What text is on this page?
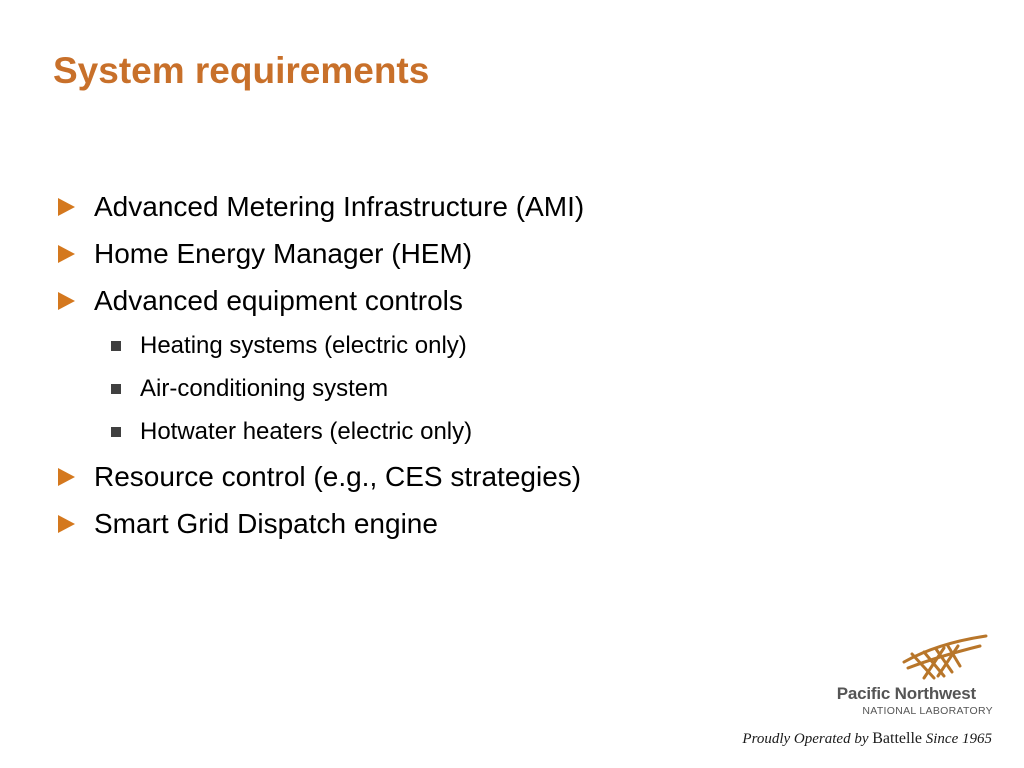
System requirements
Advanced Metering Infrastructure (AMI)
Home Energy Manager (HEM)
Advanced equipment controls
Heating systems (electric only)
Air-conditioning system
Hotwater heaters (electric only)
Resource control (e.g., CES strategies)
Smart Grid Dispatch engine
Pacific Northwest
NATIONAL LABORATORY
Proudly Operated by Battelle Since 1965
